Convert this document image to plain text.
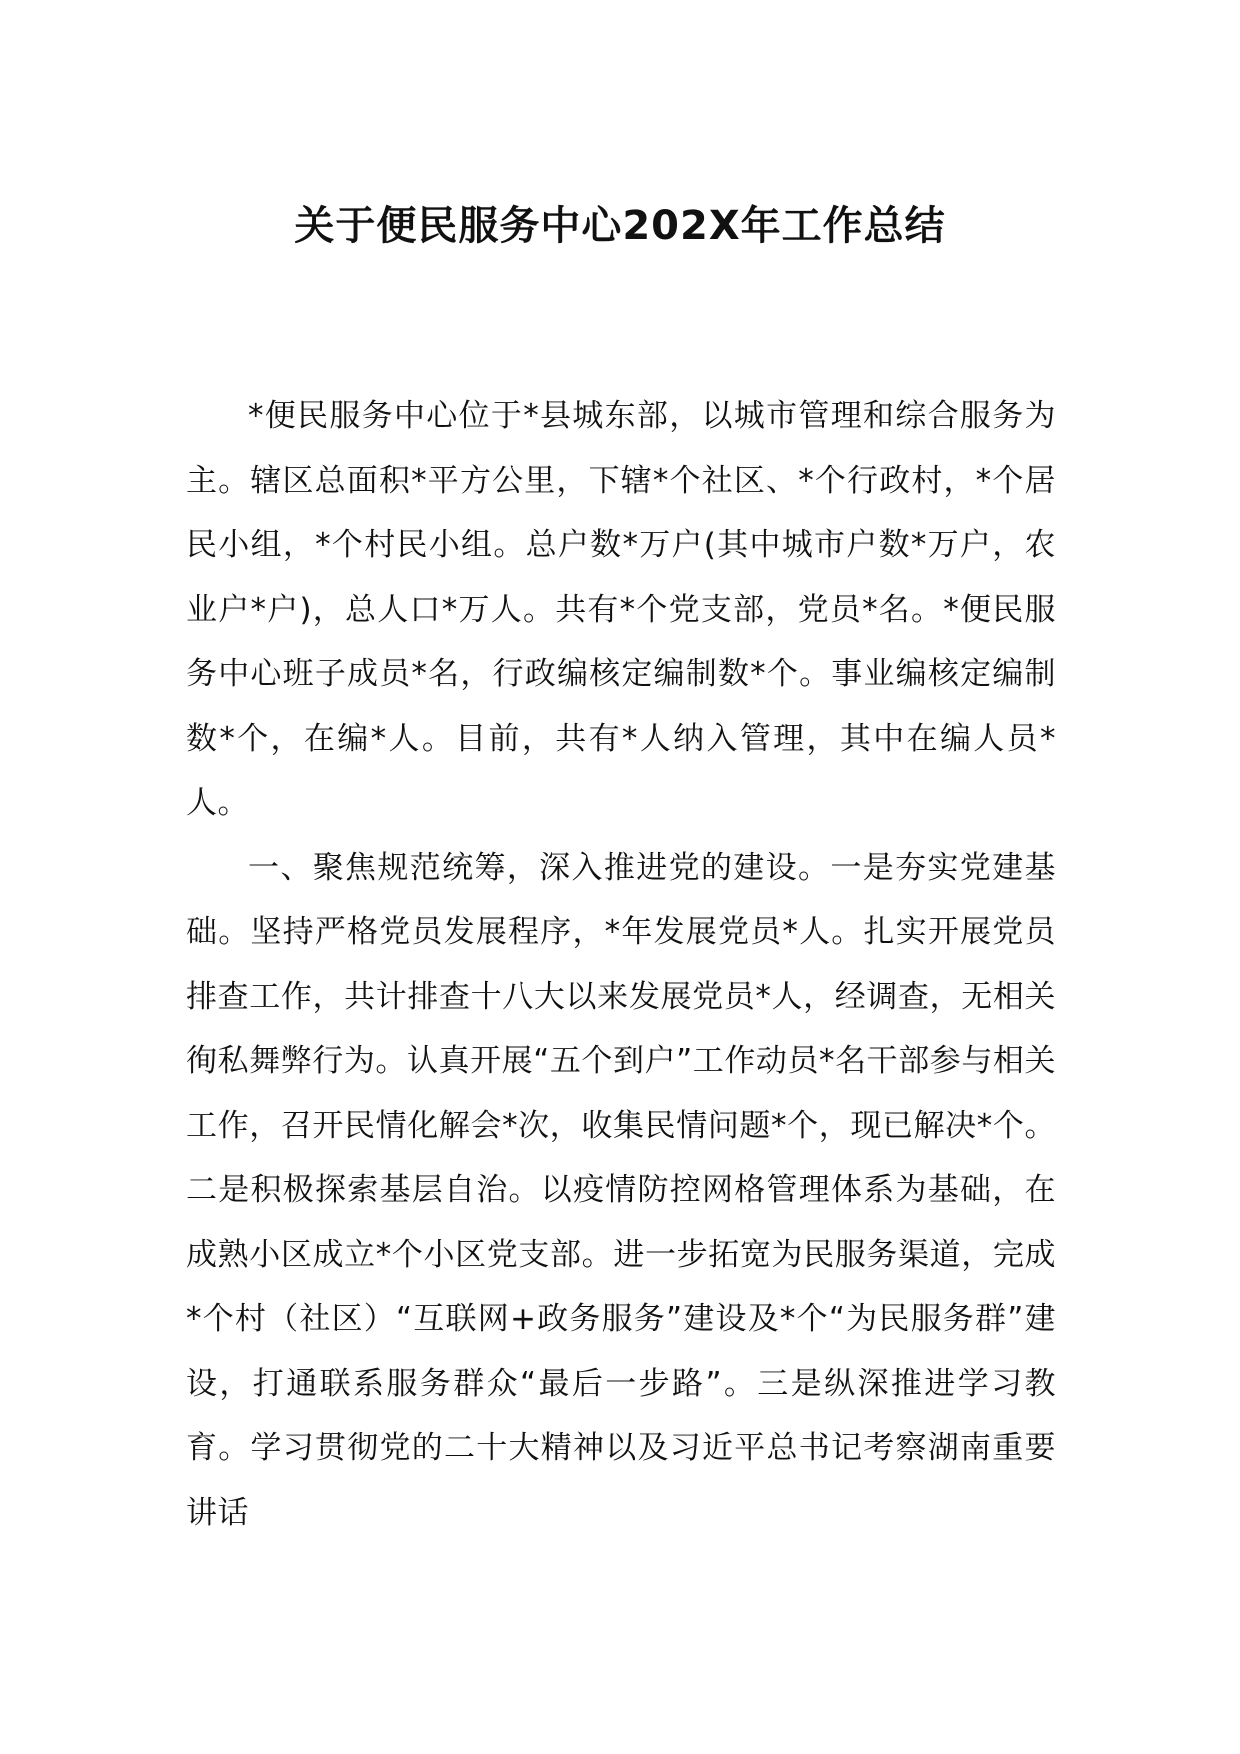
关于便民服务中心202X年工作总结

*便民服务中心位于*县城东部，以城市管理和综合服务为主。辖区总面积*平方公里，下辖*个社区、*个行政村，*个居民小组，*个村民小组。总户数*万户(其中城市户数*万户，农业户*户)，总人口*万人。共有*个党支部，党员*名。*便民服务中心班子成员*名，行政编核定编制数*个。事业编核定编制数*个，在编*人。目前，共有*人纳入管理，其中在编人员*人。

一、聚焦规范统筹，深入推进党的建设。一是夯实党建基础。坚持严格党员发展程序，*年发展党员*人。扎实开展党员排查工作，共计排查十八大以来发展党员*人，经调查，无相关徇私舞弊行为。认真开展“五个到户”工作动员*名干部参与相关工作，召开民情化解会*次，收集民情问题*个，现已解决*个。二是积极探索基层自治。以疫情防控网格管理体系为基础，在成熟小区成立*个小区党支部。进一步拓宽为民服务渠道，完成*个村（社区）“互联网+政务服务”建设及*个“为民服务群”建设，打通联系服务群众“最后一步路”。三是纵深推进学习教育。学习贯彻党的二十大精神以及习近平总书记考察湖南重要讲话
